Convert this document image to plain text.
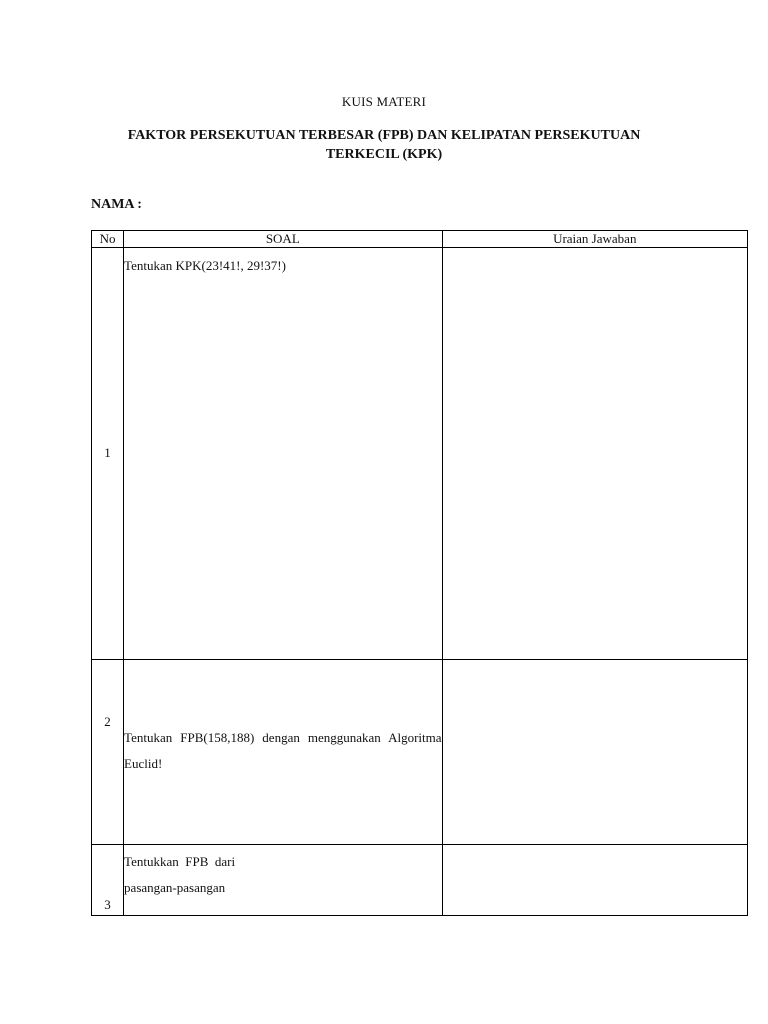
KUIS MATERI
FAKTOR PERSEKUTUAN TERBESAR (FPB) DAN KELIPATAN PERSEKUTUAN
TERKECIL (KPK)
NAMA :
No	SOAL	Uraian Jawaban
1	Tentukan KPK(23!41!, 29!37!)	
2	Tentukan FPB(158,188) dengan menggunakan Algoritma Euclid!	
3	Tentukkan  FPB  dari
pasangan-pasangan	
